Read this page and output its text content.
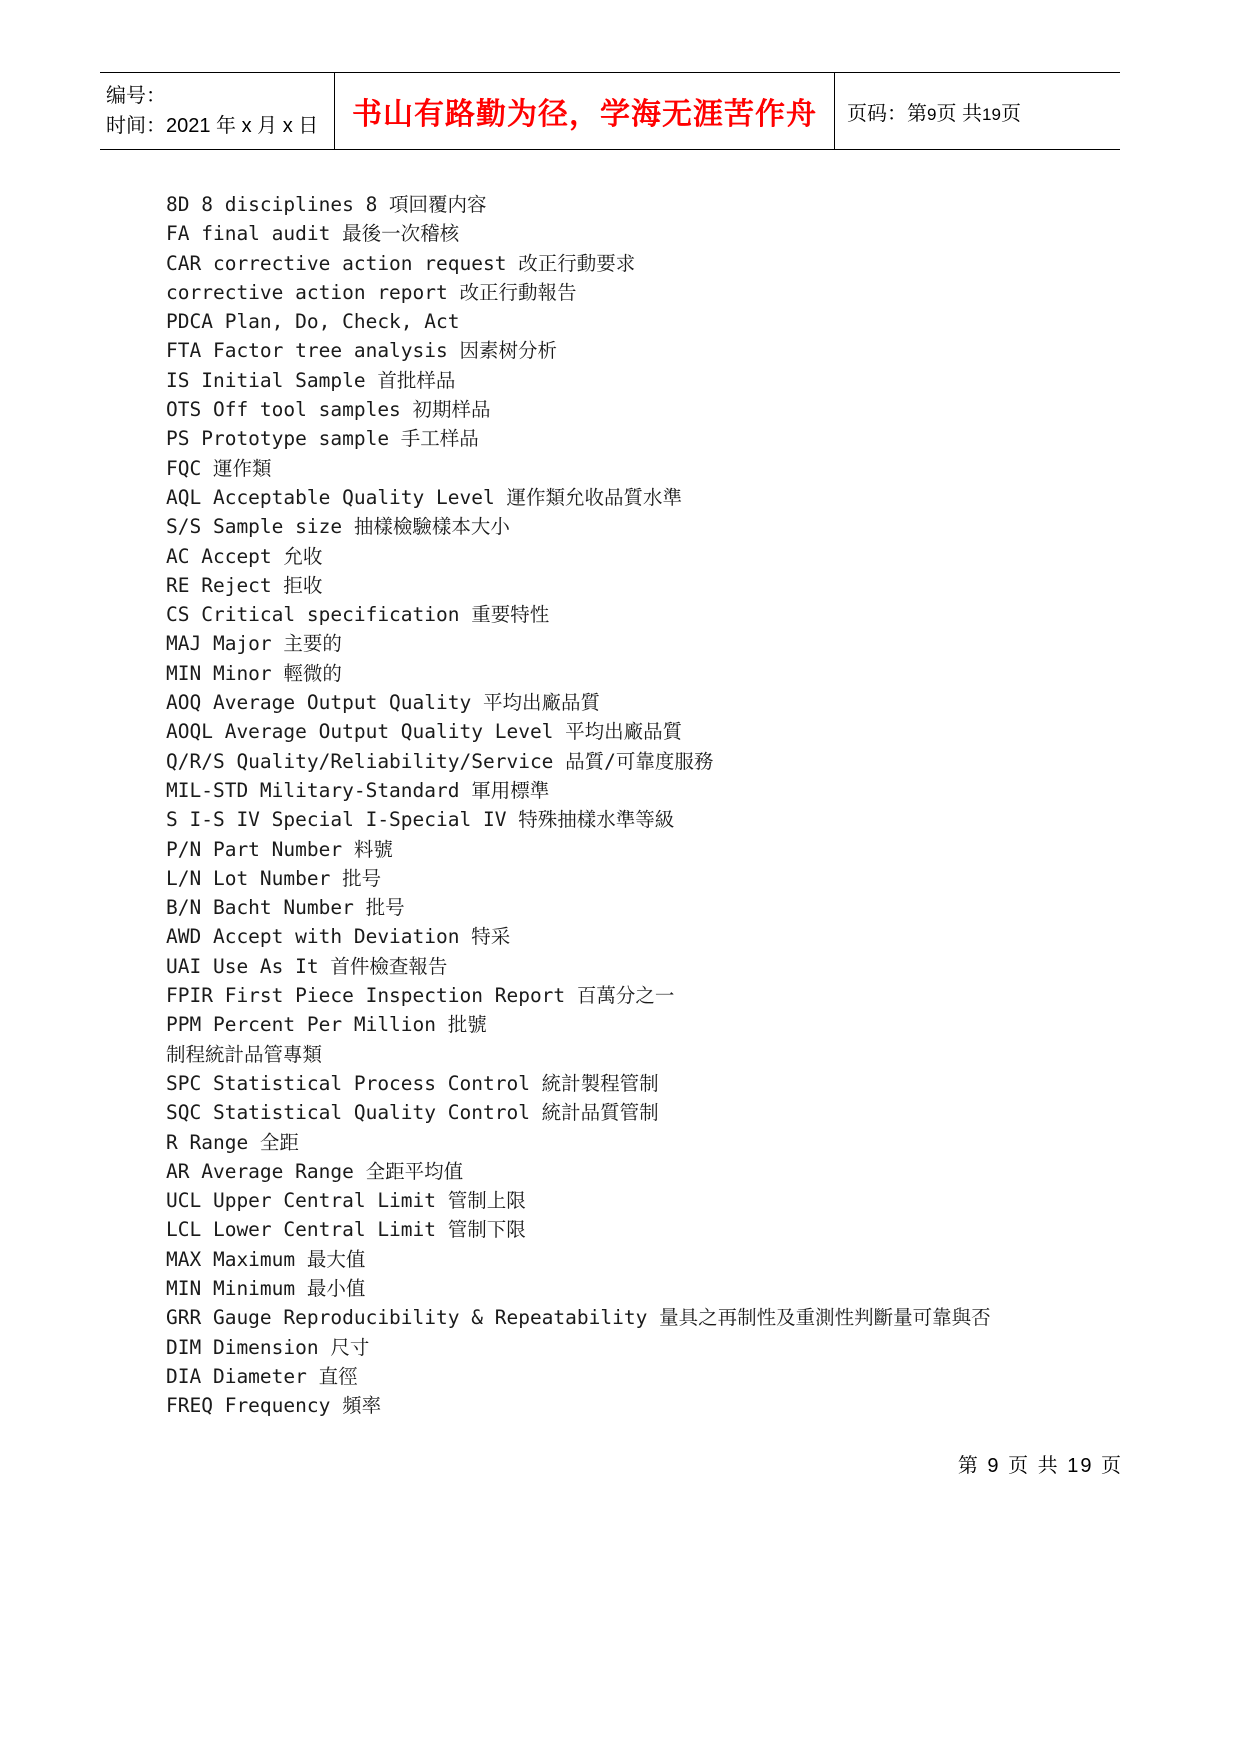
编号：
时间：2021 年 x 月 x 日	书山有路勤为径，学海无涯苦作舟 页码：第9页 共19页
8D 8 disciplines 8 項回覆内容
FA final audit 最後一次稽核
CAR corrective action request 改正行動要求
corrective action report 改正行動報告
PDCA Plan, Do, Check, Act
FTA Factor tree analysis 因素树分析
IS Initial Sample 首批样品
OTS Off tool samples 初期样品
PS Prototype sample 手工样品
FQC 運作類
AQL Acceptable Quality Level 運作類允收品質水準
S/S Sample size 抽樣檢驗樣本大小
AC Accept 允收
RE Reject 拒收
CS Critical specification 重要特性
MAJ Major 主要的
MIN Minor 輕微的
AOQ Average Output Quality 平均出廠品質
AOQL Average Output Quality Level 平均出廠品質
Q/R/S Quality/Reliability/Service 品質/可靠度服務
MIL-STD Military-Standard 軍用標準
S I-S IV Special I-Special IV 特殊抽樣水準等級
P/N Part Number 料號
L/N Lot Number 批号
B/N Bacht Number 批号
AWD Accept with Deviation 特采
UAI Use As It 首件檢查報告
FPIR First Piece Inspection Report 百萬分之一
PPM Percent Per Million 批號
制程統計品管專類
SPC Statistical Process Control 統計製程管制
SQC Statistical Quality Control 統計品質管制
R Range 全距
AR Average Range 全距平均值
UCL Upper Central Limit 管制上限
LCL Lower Central Limit 管制下限
MAX Maximum 最大值
MIN Minimum 最小值
GRR Gauge Reproducibility & Repeatability 量具之再制性及重測性判斷量可靠與否
DIM Dimension 尺寸
DIA Diameter 直徑
FREQ Frequency 頻率
第 9 页 共 19 页
